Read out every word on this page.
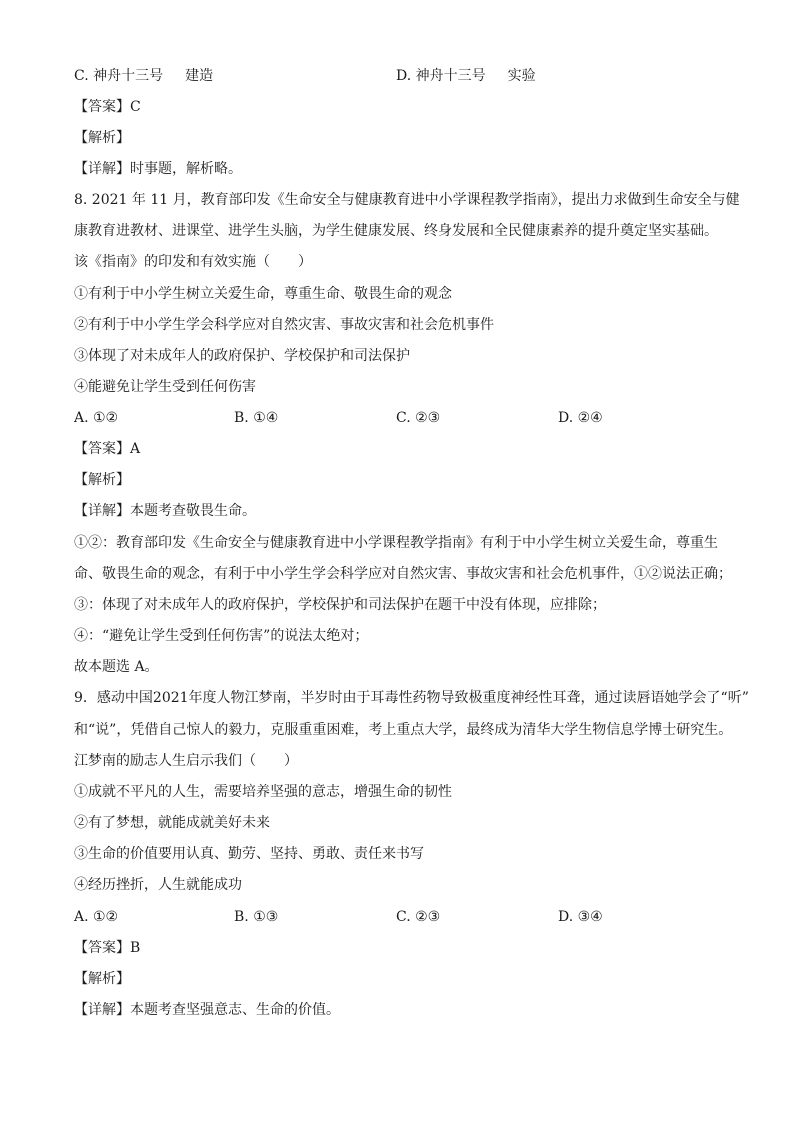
C. 神舟十三号 建造	D. 神舟十三号 实验
【答案】C
【解析】
【详解】时事题，解析略。
8. 2021 年 11 月，教育部印发《生命安全与健康教育进中小学课程教学指南》，提出力求做到生命安全与健
康教育进教材、进课堂、进学生头脑，为学生健康发展、终身发展和全民健康素养的提升奠定坚实基础。
该《指南》的印发和有效实施（　　）
①有利于中小学生树立关爱生命，尊重生命、敬畏生命的观念
②有利于中小学生学会科学应对自然灾害、事故灾害和社会危机事件
③体现了对未成年人的政府保护、学校保护和司法保护
④能避免让学生受到任何伤害
A. ①②	B. ①④	C. ②③	D. ②④
【答案】A
【解析】
【详解】本题考查敬畏生命。
①②：教育部印发《生命安全与健康教育进中小学课程教学指南》有利于中小学生树立关爱生命，尊重生
命、敬畏生命的观念，有利于中小学生学会科学应对自然灾害、事故灾害和社会危机事件，①②说法正确；
③：体现了对未成年人的政府保护，学校保护和司法保护在题干中没有体现，应排除；
④：“避免让学生受到任何伤害”的说法太绝对；
故本题选 A。
9．感动中国2021年度人物江梦南，半岁时由于耳毒性药物导致极重度神经性耳聋，通过读唇语她学会了“听”
和“说”，凭借自己惊人的毅力，克服重重困难，考上重点大学，最终成为清华大学生物信息学博士研究生。
江梦南的励志人生启示我们（　　）
①成就不平凡的人生，需要培养坚强的意志，增强生命的韧性
②有了梦想，就能成就美好未来
③生命的价值要用认真、勤劳、坚持、勇敢、责任来书写
④经历挫折，人生就能成功
A. ①②	B. ①③	C. ②③	D. ③④
【答案】B
【解析】
【详解】本题考查坚强意志、生命的价值。
